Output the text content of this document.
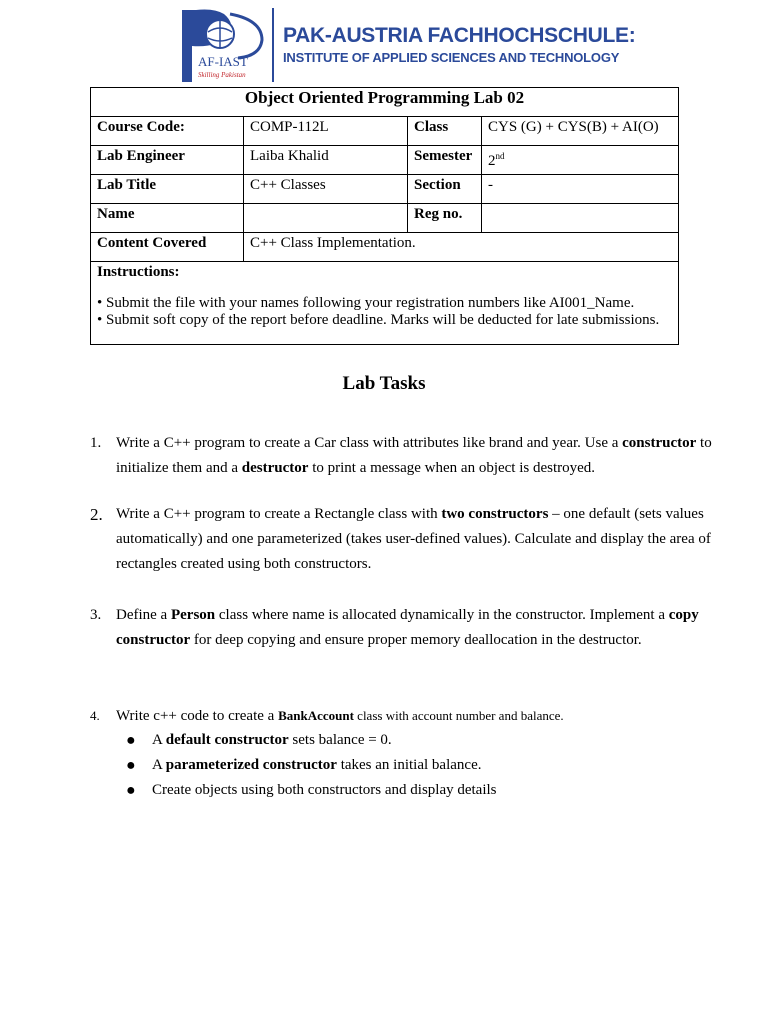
AF-IAST
Skilling Pakistan
PAK-AUSTRIA FACHHOCHSCHULE:
INSTITUTE OF APPLIED SCIENCES AND TECHNOLOGY
Object Oriented Programming Lab 02			
Course Code:	COMP-112L	Class	CYS (G) + CYS(B) + AI(O)
Lab Engineer	Laiba Khalid	Semester	2nd
Lab Title	C++ Classes	Section	-
Name		Reg no.	
Content Covered	C++ Class Implementation.		

Instructions:
• Submit the file with your names following your registration numbers like AI001_Name.
• Submit soft copy of the report before deadline. Marks will be deducted for late submissions.			
Lab Tasks
1. Write a C++ program to create a Car class with attributes like brand and year. Use a constructor to initialize them and a destructor to print a message when an object is destroyed.
2. Write a C++ program to create a Rectangle class with two constructors – one default (sets values automatically) and one parameterized (takes user-defined values). Calculate and display the area of rectangles created using both constructors.
3. Define a Person class where name is allocated dynamically in the constructor. Implement a copy constructor for deep copying and ensure proper memory deallocation in the destructor.
4.	Write c++ code to create a BankAccount class with account number and balance.
● A default constructor sets balance = 0.
● A parameterized constructor takes an initial balance.
● Create objects using both constructors and display details
